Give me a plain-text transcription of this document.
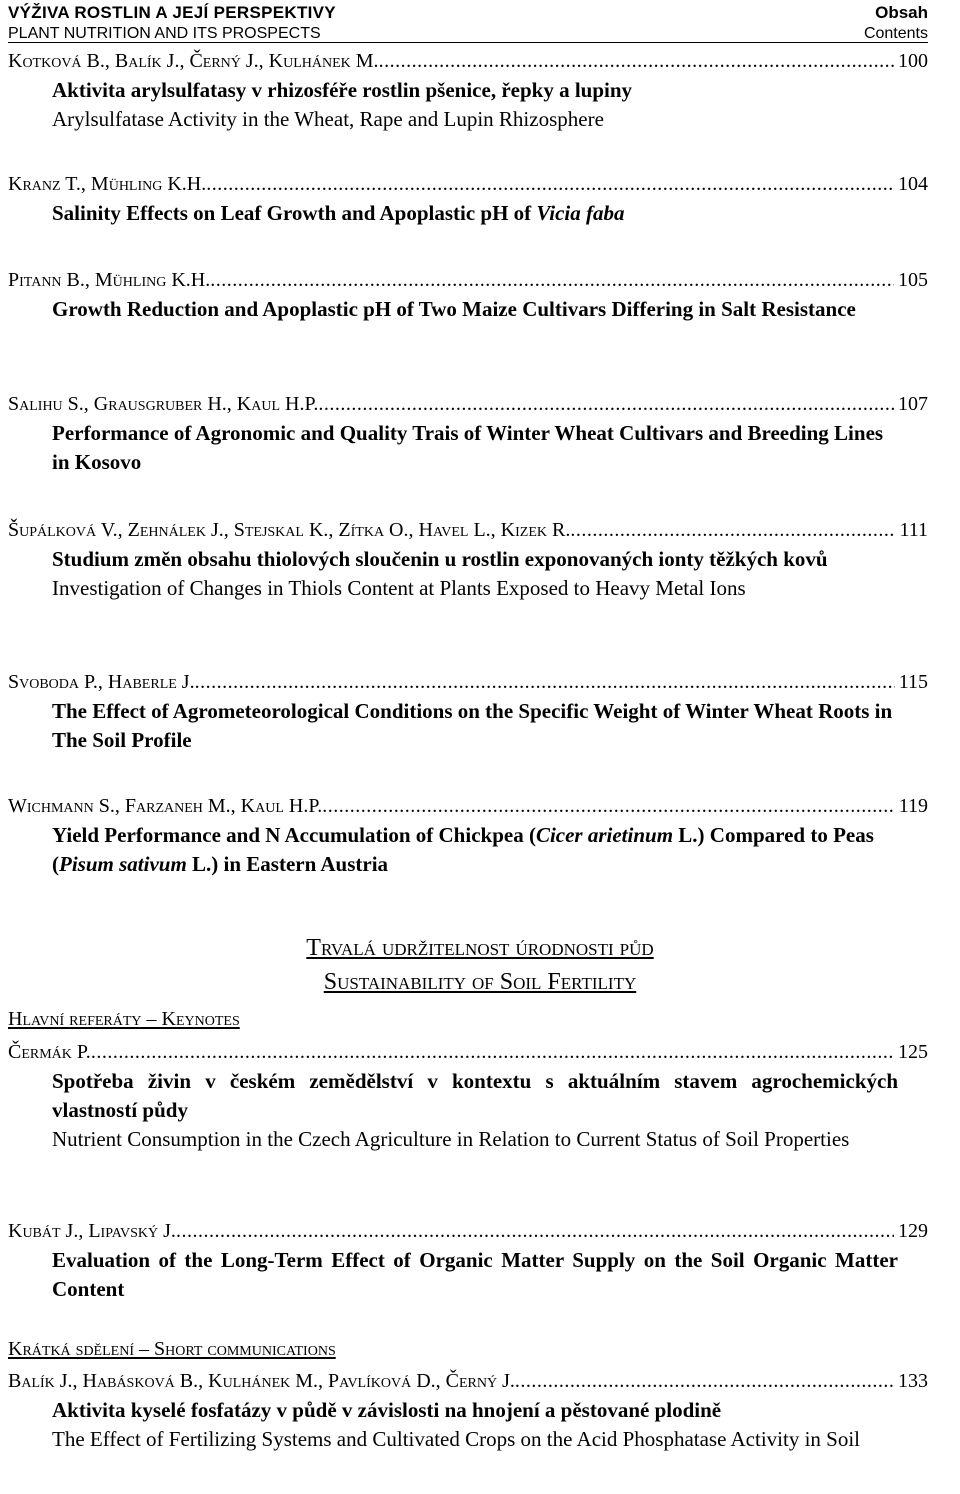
VÝŽIVA ROSTLIN A JEJÍ PERSPEKTIVY
PLANT NUTRITION AND ITS PROSPECTS
Obsah
Contents
Kotková B., Balík J., Černý J., Kulhánek M. .....	100
Aktivita arylsulfatasy v rhizosféře rostlin pšenice, řepky a lupiny
Arylsulfatase Activity in the Wheat, Rape and Lupin Rhizosphere
Kranz T., Mühling K.H. .....	104
Salinity Effects on Leaf Growth and Apoplastic pH of Vicia faba
Pitann B., Mühling K.H. .....	105
Growth Reduction and Apoplastic pH of Two Maize Cultivars Differing in Salt Resistance
Salihu S., Grausgruber H., Kaul H.P. .....	107
Performance of Agronomic and Quality Trais of Winter Wheat Cultivars and Breeding Lines in Kosovo
Šupálková V., Zehnálek J., Stejskal K., Zítka O., Havel L., Kizek R. .....	111
Studium změn obsahu thiolových sloučenin u rostlin exponovaných ionty těžkých kovů
Investigation of Changes in Thiols Content at Plants Exposed to Heavy Metal Ions
Svoboda P., Haberle J. .....	115
The Effect of Agrometeorological Conditions on the Specific Weight of Winter Wheat Roots in The Soil Profile
Wichmann S., Farzaneh M., Kaul H.P. .....	119
Yield Performance and N Accumulation of Chickpea (Cicer arietinum L.) Compared to Peas (Pisum sativum L.) in Eastern Austria
Trvalá udržitelnost úrodnosti půd
Sustainability of Soil Fertility
Hlavní referáty – Keynotes
Čermák P. .....	125
Spotřeba živin v českém zemědělství v kontextu s aktuálním stavem agrochemických vlastností půdy
Nutrient Consumption in the Czech Agriculture in Relation to Current Status of Soil Properties
Kubát J., Lipavský J. .....	129
Evaluation of the Long-Term Effect of Organic Matter Supply on the Soil Organic Matter Content
Krátká sdělení – Short communications
Balík J., Habásková B., Kulhánek M., Pavlíková D., Černý J. .....	133
Aktivita kyselé fosfatázy v půdě v závislosti na hnojení a pěstované plodině
The Effect of Fertilizing Systems and Cultivated Crops on the Acid Phosphatase Activity in Soil
